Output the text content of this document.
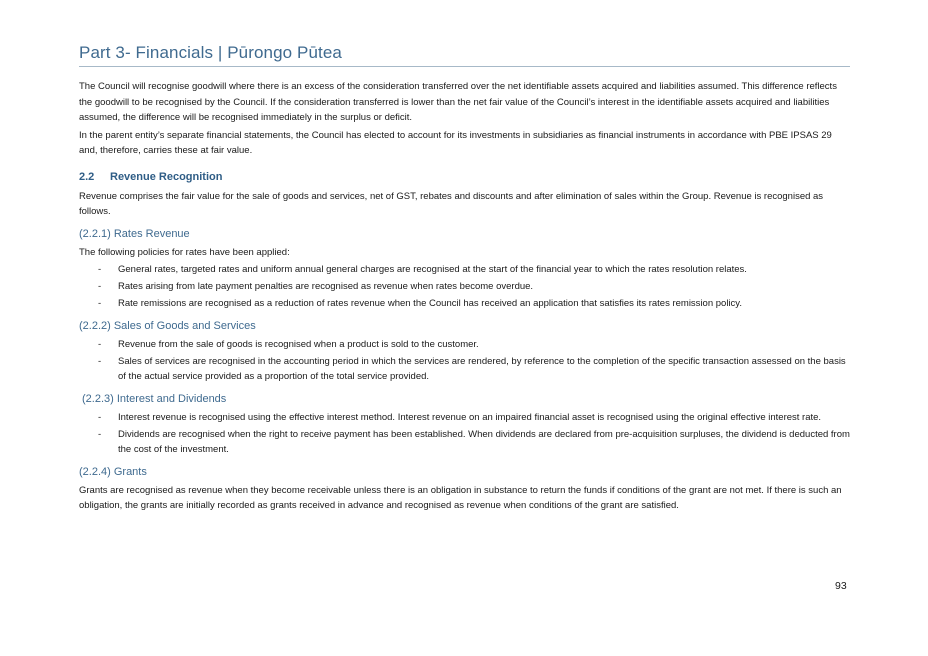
Part 3- Financials | Pūrongo Pūtea

The Council will recognise goodwill where there is an excess of the consideration transferred over the net identifiable assets acquired and liabilities assumed. This difference reflects the goodwill to be recognised by the Council. If the consideration transferred is lower than the net fair value of the Council’s interest in the identifiable assets acquired and liabilities assumed, the difference will be recognised immediately in the surplus or deficit.

In the parent entity’s separate financial statements, the Council has elected to account for its investments in subsidiaries as financial instruments in accordance with PBE IPSAS 29 and, therefore, carries these at fair value.

2.2 Revenue Recognition

Revenue comprises the fair value for the sale of goods and services, net of GST, rebates and discounts and after elimination of sales within the Group. Revenue is recognised as follows.

(2.2.1) Rates Revenue

The following policies for rates have been applied:

- General rates, targeted rates and uniform annual general charges are recognised at the start of the financial year to which the rates resolution relates.
- Rates arising from late payment penalties are recognised as revenue when rates become overdue.
- Rate remissions are recognised as a reduction of rates revenue when the Council has received an application that satisfies its rates remission policy.
(2.2.2) Sales of Goods and Services
- Revenue from the sale of goods is recognised when a product is sold to the customer.
- Sales of services are recognised in the accounting period in which the services are rendered, by reference to the completion of the specific transaction assessed on the basis of the actual service provided as a proportion of the total service provided.
(2.2.3) Interest and Dividends
- Interest revenue is recognised using the effective interest method. Interest revenue on an impaired financial asset is recognised using the original effective interest rate.
- Dividends are recognised when the right to receive payment has been established. When dividends are declared from pre-acquisition surpluses, the dividend is deducted from the cost of the investment.
(2.2.4) Grants

Grants are recognised as revenue when they become receivable unless there is an obligation in substance to return the funds if conditions of the grant are not met. If there is such an obligation, the grants are initially recorded as grants received in advance and recognised as revenue when conditions of the grant are satisfied.

93
